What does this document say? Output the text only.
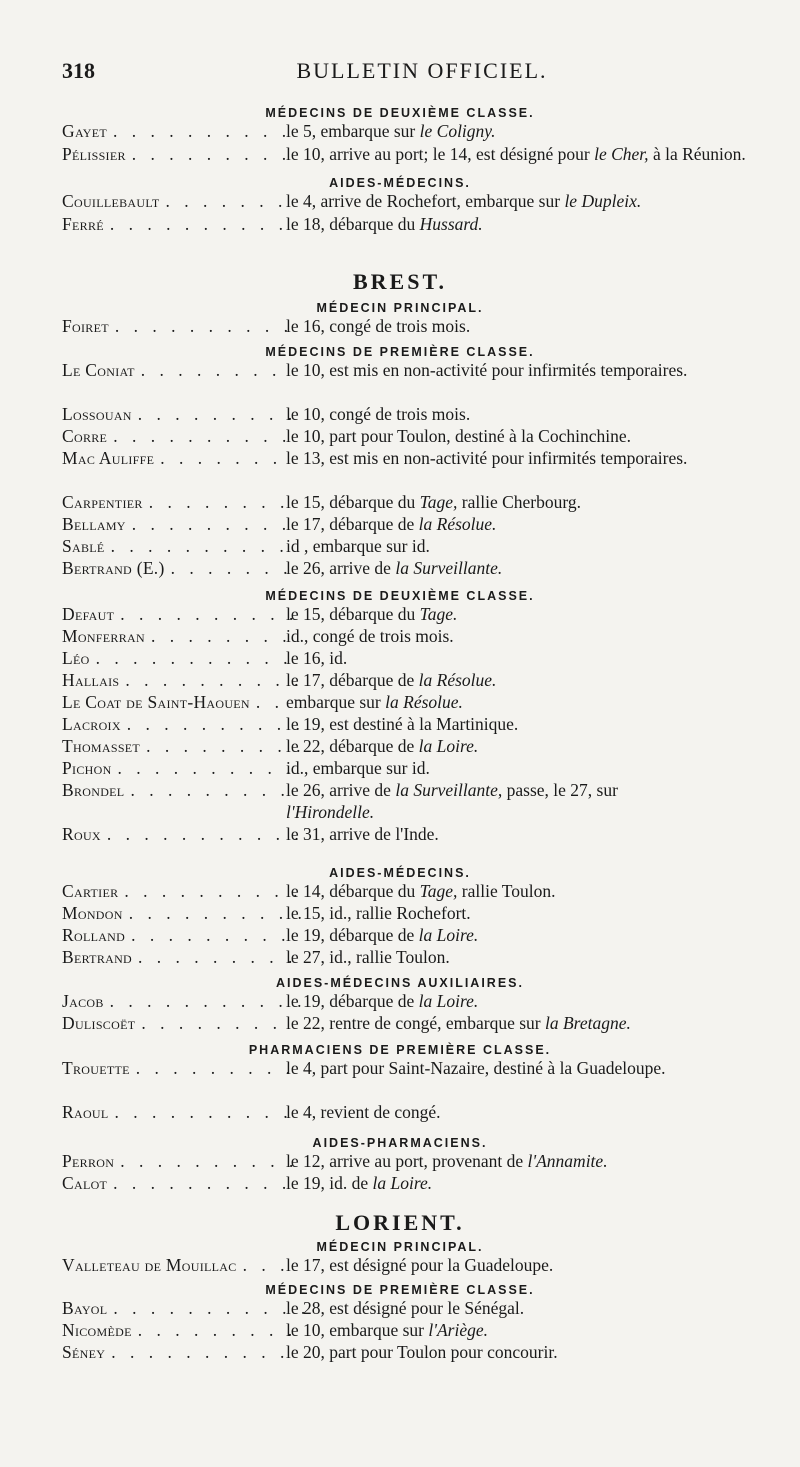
318	BULLETIN OFFICIEL.
MÉDECINS DE DEUXIÈME CLASSE.
AIDES-MÉDECINS.
BREST.
MÉDECIN PRINCIPAL.
MÉDECINS DE PREMIÈRE CLASSE.
MÉDECINS DE DEUXIÈME CLASSE.
AIDES-MÉDECINS.
AIDES-MÉDECINS AUXILIAIRES.
PHARMACIENS DE PREMIÈRE CLASSE.
AIDES-PHARMACIENS.
LORIENT.
MÉDECIN PRINCIPAL.
MÉDECINS DE PREMIÈRE CLASSE.
Gayet . . . . . . . . . .
le 5, embarque sur le Coligny.
Pélissier . . . . . . . . .
le 10, arrive au port; le 14, est désigné pour le Cher, à la Réunion.
Couillebault . . . . . . .
le 4, arrive de Rochefort, embarque sur le Dupleix.
Ferré . . . . . . . . . .
le 18, débarque du Hussard.
Foiret . . . . . . . . . .
le 16, congé de trois mois.
Le Coniat . . . . . . . . le 10, est mis en non-activité pour infirmités temporaires.
Lossouan . . . . . . . . .
le 10, congé de trois mois.
Corre . . . . . . . . . .
le 10, part pour Toulon, destiné à la Cochinchine.
Mac Auliffe . . . . . . . le 13, est mis en non-activité pour infirmités temporaires.
Carpentier . . . . . . . .
le 15, débarque du Tage, rallie Cherbourg.
Bellamy . . . . . . . . .
le 17, débarque de la Résolue.
Sablé . . . . . . . . . .
id , embarque sur id.
Bertrand (E.) . . . . . . .
le 26, arrive de la Surveillante.
Defaut . . . . . . . . . .
le 15, débarque du Tage.
Monferran . . . . . . . .
id., congé de trois mois.
Léo . . . . . . . . . . .
le 16, id.
Hallais . . . . . . . . . .
le 17, débarque de la Résolue.
Le Coat de Saint-Haouen . . embarque sur la Résolue.
Lacroix . . . . . . . . . .
le 19, est destiné à la Martinique.
Thomasset . . . . . . . . .
le 22, débarque de la Loire.
Pichon . . . . . . . . . .
id., embarque sur id.
Brondel . . . . . . . . .
le 26, arrive de la Surveillante, passe, le 27, sur
l'Hirondelle.
Roux . . . . . . . . . . .
le 31, arrive de l'Inde.
Cartier . . . . . . . . . .
le 14, débarque du Tage, rallie Toulon.
Mondon . . . . . . . . . .
le 15, id., rallie Rochefort.
Rolland . . . . . . . . .
le 19, débarque de la Loire.
Bertrand . . . . . . . . .
le 27, id., rallie Toulon.
Jacob . . . . . . . . . . .
le 19, débarque de la Loire.
Duliscoët . . . . . . . . le 22, rentre de congé, embarque sur la Bretagne.
Trouette . . . . . . . . .
le 4, part pour Saint-Nazaire, destiné à la Guadeloupe.
Raoul . . . . . . . . . .
le 4, revient de congé.
Perron . . . . . . . . . .
le 12, arrive au port, provenant de l'Annamite.
Calot . . . . . . . . . .
le 19, id. de la Loire.
Valleteau de Mouillac . . .
le 17, est désigné pour la Guadeloupe.
Bayol . . . . . . . . . . .
le 28, est désigné pour le Sénégal.
Nicomède . . . . . . . . .
le 10, embarque sur l'Ariège.
Séney . . . . . . . . . .
le 20, part pour Toulon pour concourir.
